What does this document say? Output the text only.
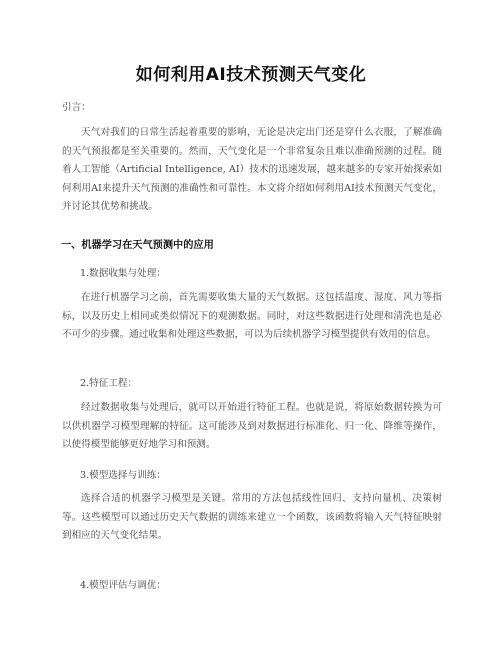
如何利用AI技术预测天气变化

引言：

天气对我们的日常生活起着重要的影响，无论是决定出门还是穿什么衣服，了解准确的天气预报都是至关重要的。然而，天气变化是一个非常复杂且难以准确预测的过程。随着人工智能（Artificial Intelligence, AI）技术的迅速发展，越来越多的专家开始探索如何利用AI来提升天气预测的准确性和可靠性。本文将介绍如何利用AI技术预测天气变化，并讨论其优势和挑战。

一、机器学习在天气预测中的应用

1.数据收集与处理：

在进行机器学习之前，首先需要收集大量的天气数据。这包括温度、湿度、风力等指标，以及历史上相同或类似情况下的观测数据。同时，对这些数据进行处理和清洗也是必不可少的步骤。通过收集和处理这些数据，可以为后续机器学习模型提供有效用的信息。

2.特征工程：

经过数据收集与处理后，就可以开始进行特征工程。也就是说，将原始数据转换为可以供机器学习模型理解的特征。这可能涉及到对数据进行标准化、归一化、降维等操作，以使得模型能够更好地学习和预测。

3.模型选择与训练：

选择合适的机器学习模型是关键。常用的方法包括线性回归、支持向量机、决策树等。这些模型可以通过历史天气数据的训练来建立一个函数，该函数将输入天气特征映射到相应的天气变化结果。

4.模型评估与调优：
